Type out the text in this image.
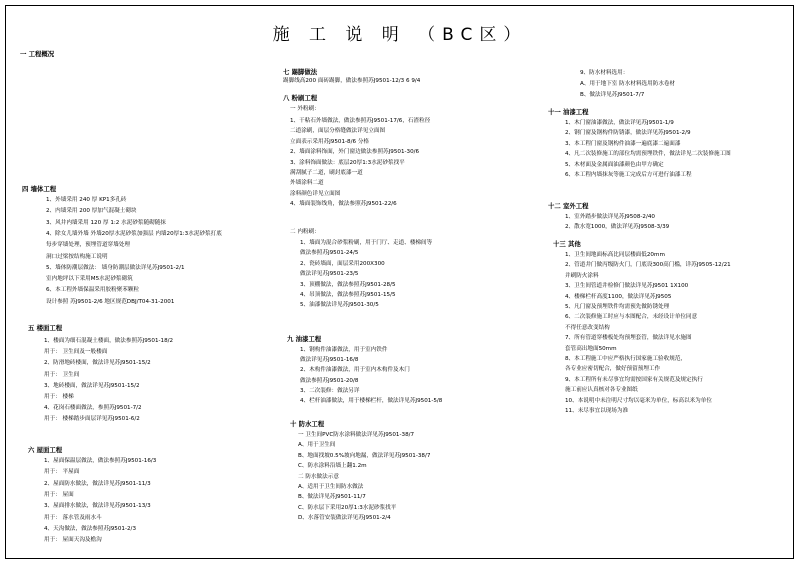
施 工 说 明 （BC区）
一 工程概况
四 墙体工程
1、外墙采用 240 厚 KP1多孔砖
2、内墙采用 200 厚加气混凝土砌块
3、风井内墙采用 120 厚 1:2 水泥砂浆随砌随抹
4、除女儿墙外墙 外墙20厚水泥砂浆加强层 内墙20厚1:3水泥砂浆打底
每步穿墙处理，预埋管道穿墙处理
洞口过梁按结构施工说明
5、墙体防潮层做法： 墙身防潮层做法详见苏J9501-2/1
室内地坪以下采用M5水泥砂浆砌筑
6、本工程外墙保温采用胶粉聚苯颗粒
设计参照 苏J9501-2/6 地区规范DBJ/T04-31-2001
五 楼面工程
1、楼面为细石混凝土楼面，做法参照苏J9501-18/2
用于： 卫生间及一般楼面
2、防滑地砖楼面，做法详见苏J9501-15/2
用于： 卫生间
3、地砖楼面，做法详见苏J9501-15/2
用于： 楼梯
4、花岗石楼面做法，参照苏J9501-7/2
用于： 楼梯踏步面层详见苏J9501-6/2
六 屋面工程
1、屋面保温层做法，做法参照苏J9501-16/3
用于： 平屋面
2、屋面防水做法，做法详见苏J9501-11/3
用于： 屋面
3、屋面排水做法，做法详见苏J9501-13/3
用于： 落水管及雨水斗
4、天沟做法，做法参照苏J9501-2/3
用于： 屋面天沟及檐沟
七 踢脚做法
踢脚线高200 面砖踢脚，做法参照苏J9501-12/3 6 9/4
八 粉刷工程
一 外粉刷：
1、干粘石外墙做法，做法参照苏J9501-17/6，石渣粒径
二道涂刷，面层分格缝做法详见立面图
立面表示采用苏J9501-8/6 分格
2、墙面涂料饰面，外门窗边做法参照苏J9501-30/6
3、涂料饰面做法：底层20厚1:3水泥砂浆找平
满刮腻子二道，刷封底漆一道
外墙涂料二道
涂料颜色详见立面图
4、墙面装饰线角，做法参照苏J9501-22/6
二 内粉刷：
1、墙面为混合砂浆粉刷，用于门厅、走道、楼梯间等
做法参照苏J9501-24/5
2、瓷砖墙面，面层采用200X300
做法详见苏J9501-23/5
3、顶棚做法，做法参照苏J9501-28/5
4、吊顶做法，做法参照苏J9501-15/5
5、油漆做法详见苏J9501-30/5
九 油漆工程
1、钢构件油漆做法，用于室内铁件
做法详见苏J9501-16/8
2、木构件油漆做法，用于室内木构件及木门
做法参照苏J9501-20/8
3、二次装修：做法另详
4、栏杆油漆做法，用于楼梯栏杆，做法详见苏J9501-5/8
十 防水工程
一 卫生间PVC防水涂料做法详见苏J9501-38/7
A、用于卫生间
B、地面找坡0.5%坡向地漏，做法详见苏J9501-38/7
C、防水涂料沿墙上翻1.2m
二 防水做法示意
A、适用于卫生间防水做法
B、做法详见苏J9501-11/7
C、防水层下采用20厚1:3水泥砂浆找平
D、水落管安装做法详见苏J9501-2/4
9、防水材料选用：
A、用于地下室 防水材料选用防水卷材
B、做法详见苏J9501-7/7
十一 油漆工程
1、木门窗油漆做法，做法详见苏J9501-1/9
2、钢门窗及钢构件防锈漆，做法详见苏J9501-2/9
3、本工程门窗及钢构件油漆一遍底漆二遍面漆
4、凡二次装修施工的部位均需预埋铁件，做法详见二次装修施工图
5、木材面及金属面油漆颜色由甲方确定
6、本工程内墙抹灰等施工完成后方可进行油漆工程
十二 室外工程
1、室外踏步做法详见苏J9508-2/40
2、散水宽1000，做法详见苏J9508-3/39
十三 其他
1、卫生间地面标高比同层楼面低20mm
2、管道井门做丙级防火门，门底设300高门槛，详苏J9505-12/21
并刷防火涂料
3、卫生间管道井检修门做法详见苏J9501 1X100
4、楼梯栏杆高度1100，做法详见苏J9505
5、凡门窗及预埋铁件均需预先做防锈处理
6、二次装修施工时应与本图配合，未经设计单位同意
不得任意改变结构
7、所有管道穿楼板处均预埋套管，做法详见水施图
套管高出地面50mm
8、本工程施工中应严格执行国家施工验收规范，
各专业应密切配合，做好预留预埋工作
9、本工程所有未尽事宜均需按国家有关规范及规定执行
施工前应认真核对各专业图纸
10、本说明中未注明尺寸均以毫米为单位，标高以米为单位
11、未尽事宜以现场为准
